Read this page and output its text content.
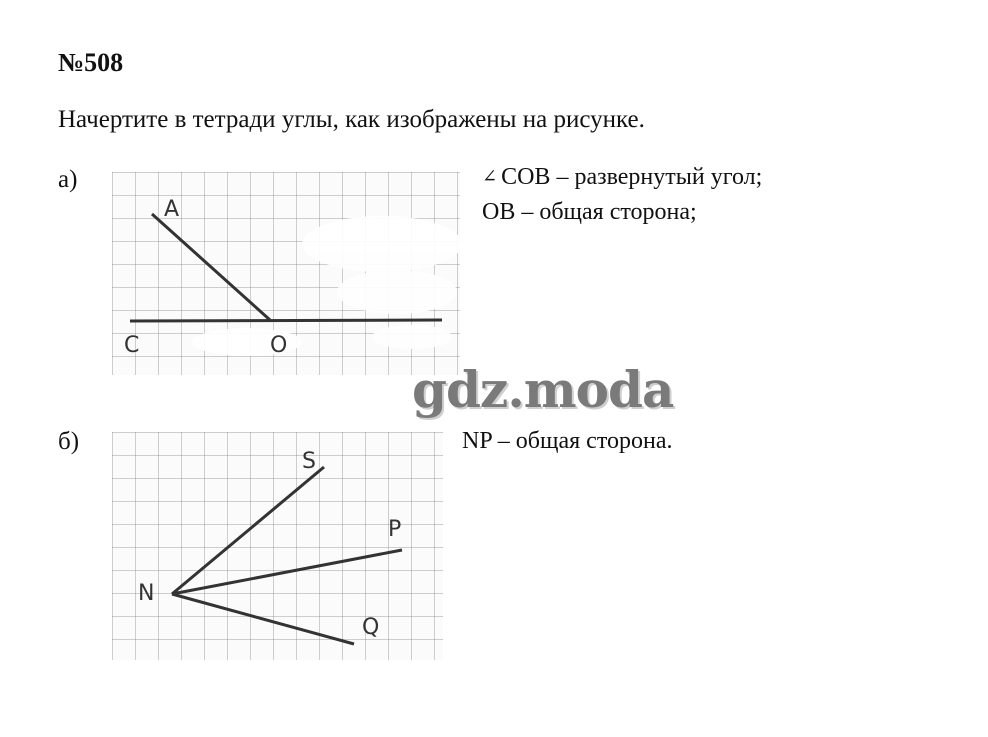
№508
Начертите в тетради углы, как изображены на рисунке.
а)
A
C	O
∠ СОВ – развернутый угол;
ОВ – общая сторона;
gdz.moda
б)
S
P
N
Q
NP – общая сторона.
